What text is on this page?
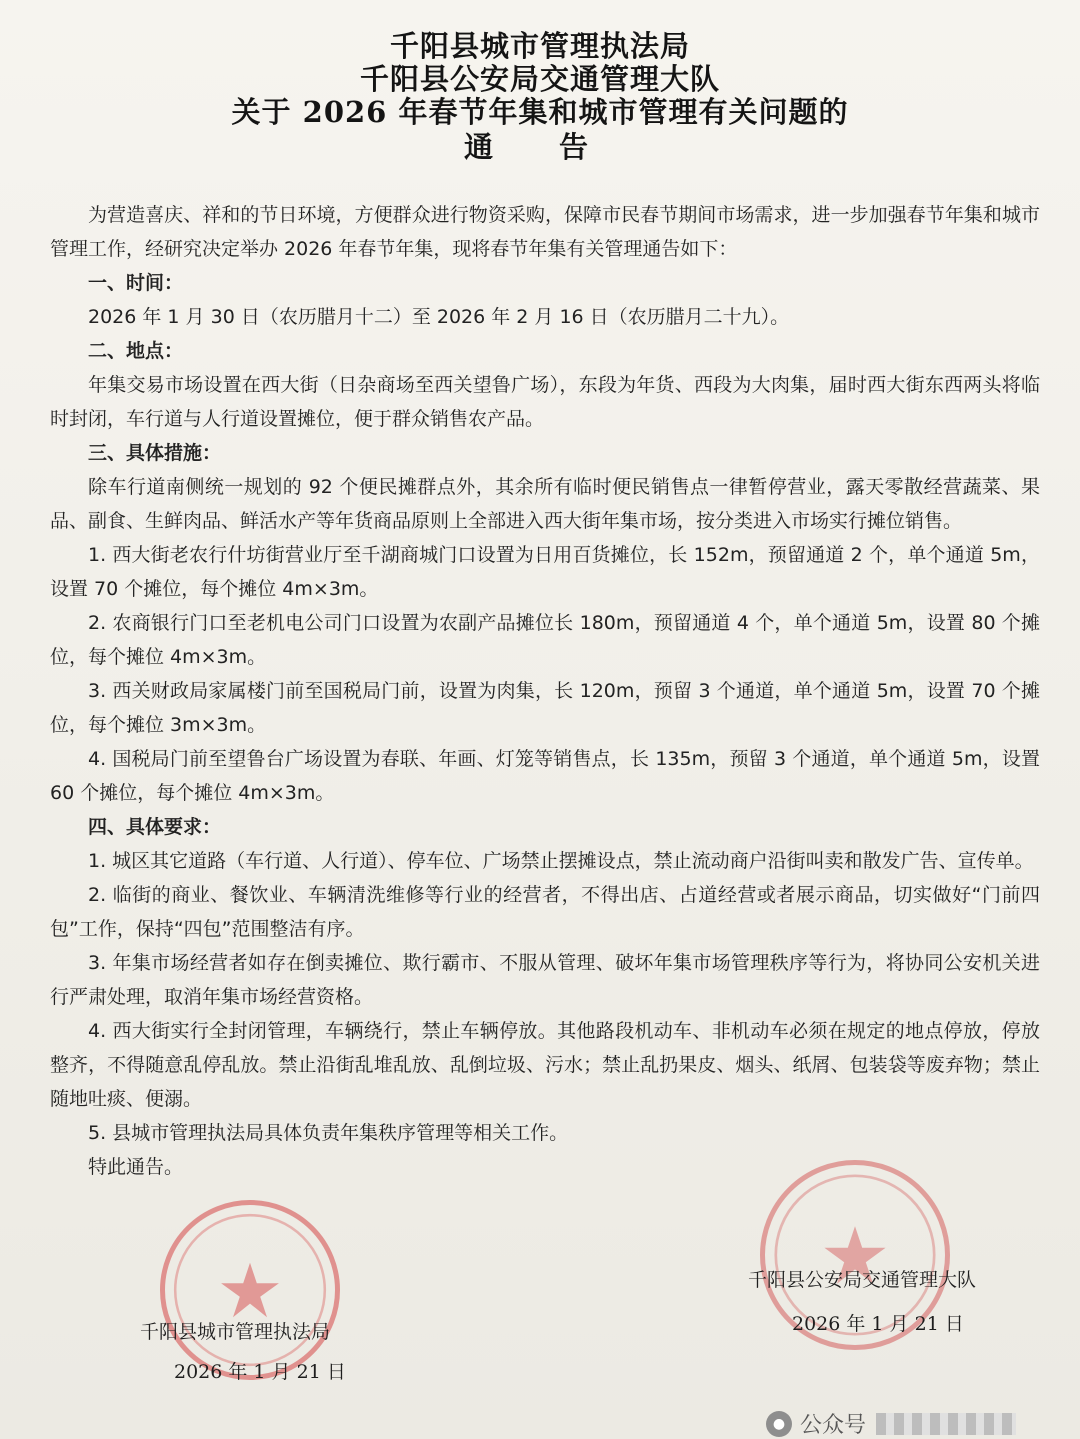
千阳县城市管理执法局
千阳县公安局交通管理大队
关于 2026 年春节年集和城市管理有关问题的
通 告

为营造喜庆、祥和的节日环境，方便群众进行物资采购，保障市民春节期间市场需求，进一步加强春节年集和城市管理工作，经研究决定举办 2026 年春节年集，现将春节年集有关管理通告如下：

一、时间：

2026 年 1 月 30 日（农历腊月十二）至 2026 年 2 月 16 日（农历腊月二十九）。

二、地点：

年集交易市场设置在西大街（日杂商场至西关望鲁广场），东段为年货、西段为大肉集，届时西大街东西两头将临时封闭，车行道与人行道设置摊位，便于群众销售农产品。

三、具体措施：

除车行道南侧统一规划的 92 个便民摊群点外，其余所有临时便民销售点一律暂停营业，露天零散经营蔬菜、果品、副食、生鲜肉品、鲜活水产等年货商品原则上全部进入西大街年集市场，按分类进入市场实行摊位销售。

1. 西大街老农行什坊街营业厅至千湖商城门口设置为日用百货摊位，长 152m，预留通道 2 个，单个通道 5m，设置 70 个摊位，每个摊位 4m×3m。

2. 农商银行门口至老机电公司门口设置为农副产品摊位长 180m，预留通道 4 个，单个通道 5m，设置 80 个摊位，每个摊位 4m×3m。

3. 西关财政局家属楼门前至国税局门前，设置为肉集，长 120m，预留 3 个通道，单个通道 5m，设置 70 个摊位，每个摊位 3m×3m。

4. 国税局门前至望鲁台广场设置为春联、年画、灯笼等销售点，长 135m，预留 3 个通道，单个通道 5m，设置 60 个摊位，每个摊位 4m×3m。

四、具体要求：

1. 城区其它道路（车行道、人行道）、停车位、广场禁止摆摊设点，禁止流动商户沿街叫卖和散发广告、宣传单。

2. 临街的商业、餐饮业、车辆清洗维修等行业的经营者，不得出店、占道经营或者展示商品，切实做好“门前四包”工作，保持“四包”范围整洁有序。

3. 年集市场经营者如存在倒卖摊位、欺行霸市、不服从管理、破坏年集市场管理秩序等行为，将协同公安机关进行严肃处理，取消年集市场经营资格。

4. 西大街实行全封闭管理，车辆绕行，禁止车辆停放。其他路段机动车、非机动车必须在规定的地点停放，停放整齐，不得随意乱停乱放。禁止沿街乱堆乱放、乱倒垃圾、污水；禁止乱扔果皮、烟头、纸屑、包装袋等废弃物；禁止随地吐痰、便溺。

5. 县城市管理执法局具体负责年集秩序管理等相关工作。

特此通告。

千阳县城市管理执法局
2026 年 1 月 21 日
千阳县公安局交通管理大队
2026 年 1 月 21 日
● 公众号
